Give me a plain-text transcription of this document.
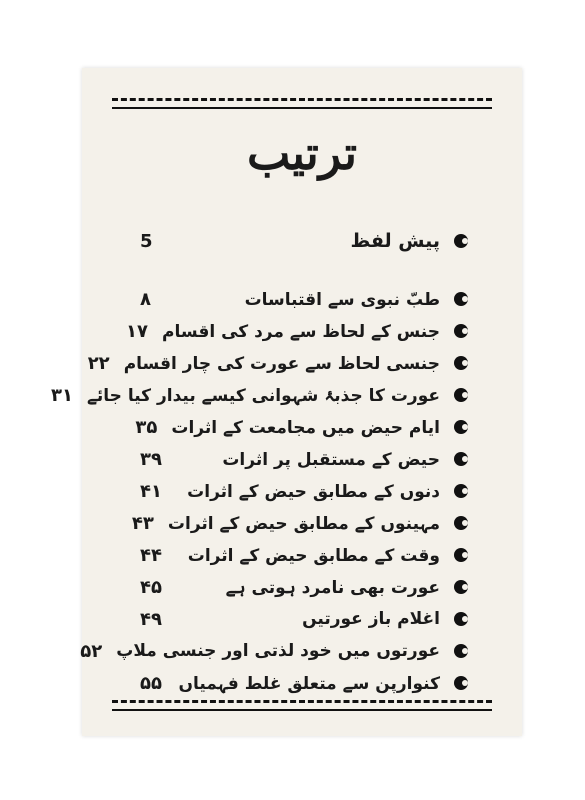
ترتیب
پیش لفظ
5
طبّ نبوی سے اقتباسات
۸
جنس کے لحاظ سے مرد کی اقسام
۱۷
جنسی لحاظ سے عورت کی چار اقسام
۲۲
عورت کا جذبۂ شہوانی کیسے بیدار کیا جائے
۳۱
ایام حیض میں مجامعت کے اثرات
۳۵
حیض کے مستقبل پر اثرات
۳۹
دنوں کے مطابق حیض کے اثرات
۴۱
مہینوں کے مطابق حیض کے اثرات
۴۳
وقت کے مطابق حیض کے اثرات
۴۴
عورت بھی نامرد ہوتی ہے
۴۵
اغلام باز عورتیں
۴۹
عورتوں میں خود لذتی اور جنسی ملاپ
۵۲
کنوارپن سے متعلق غلط فہمیاں
۵۵
